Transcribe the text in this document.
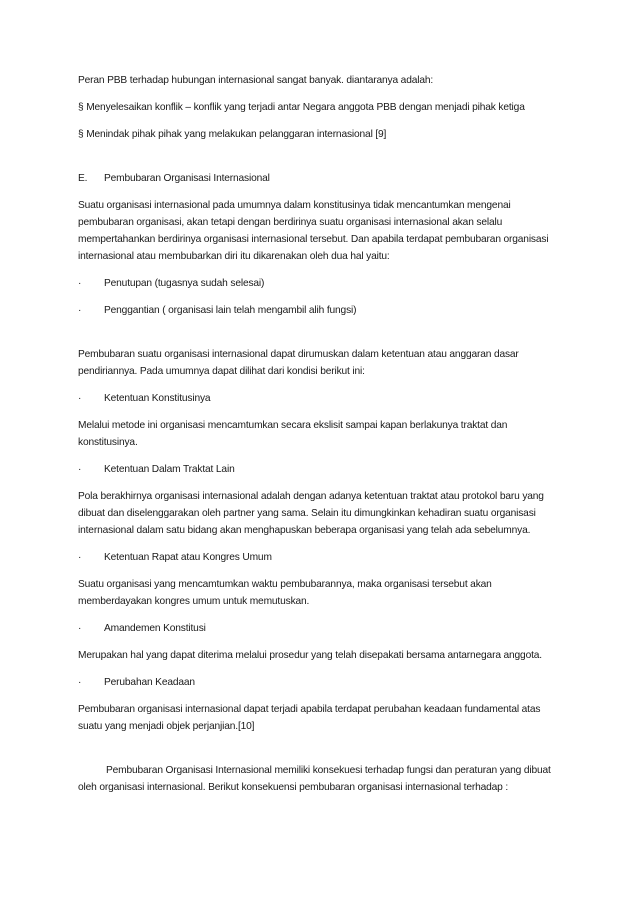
Peran PBB terhadap hubungan internasional sangat banyak. diantaranya adalah:

§ Menyelesaikan konflik – konflik yang terjadi antar Negara anggota PBB dengan menjadi pihak ketiga

§ Menindak pihak pihak yang melakukan pelanggaran internasional [9]

E.	Pembubaran Organisasi Internasional

Suatu organisasi internasional pada umumnya dalam konstitusinya tidak mencantumkan mengenai pembubaran organisasi, akan tetapi dengan berdirinya suatu organisasi internasional akan selalu mempertahankan berdirinya organisasi internasional tersebut. Dan apabila terdapat pembubaran organisasi internasional atau membubarkan diri itu dikarenakan oleh dua hal yaitu:

·	Penutupan (tugasnya sudah selesai)
·	Penggantian ( organisasi lain telah mengambil alih fungsi)

Pembubaran suatu organisasi internasional dapat dirumuskan dalam ketentuan atau anggaran dasar pendiriannya. Pada umumnya dapat dilihat dari kondisi berikut ini:

·	Ketentuan Konstitusinya

Melalui metode ini organisasi mencamtumkan secara ekslisit sampai kapan berlakunya traktat dan konstitusinya.

·	Ketentuan Dalam Traktat Lain

Pola berakhirnya organisasi internasional adalah dengan adanya ketentuan traktat atau protokol baru yang dibuat dan diselenggarakan oleh partner yang sama. Selain itu dimungkinkan kehadiran suatu organisasi internasional dalam satu bidang akan menghapuskan beberapa organisasi yang telah ada sebelumnya.

·	Ketentuan Rapat atau Kongres Umum

Suatu organisasi yang mencamtumkan waktu pembubarannya, maka organisasi tersebut akan memberdayakan kongres umum untuk memutuskan.

·	Amandemen Konstitusi

Merupakan hal yang dapat diterima melalui prosedur yang telah disepakati bersama antarnegara anggota.

·	Perubahan Keadaan

Pembubaran organisasi internasional dapat terjadi apabila terdapat perubahan keadaan fundamental atas suatu yang menjadi objek perjanjian.[10]

Pembubaran Organisasi Internasional memiliki konsekuesi terhadap fungsi dan peraturan yang dibuat oleh organisasi internasional. Berikut konsekuensi pembubaran organisasi internasional terhadap :
